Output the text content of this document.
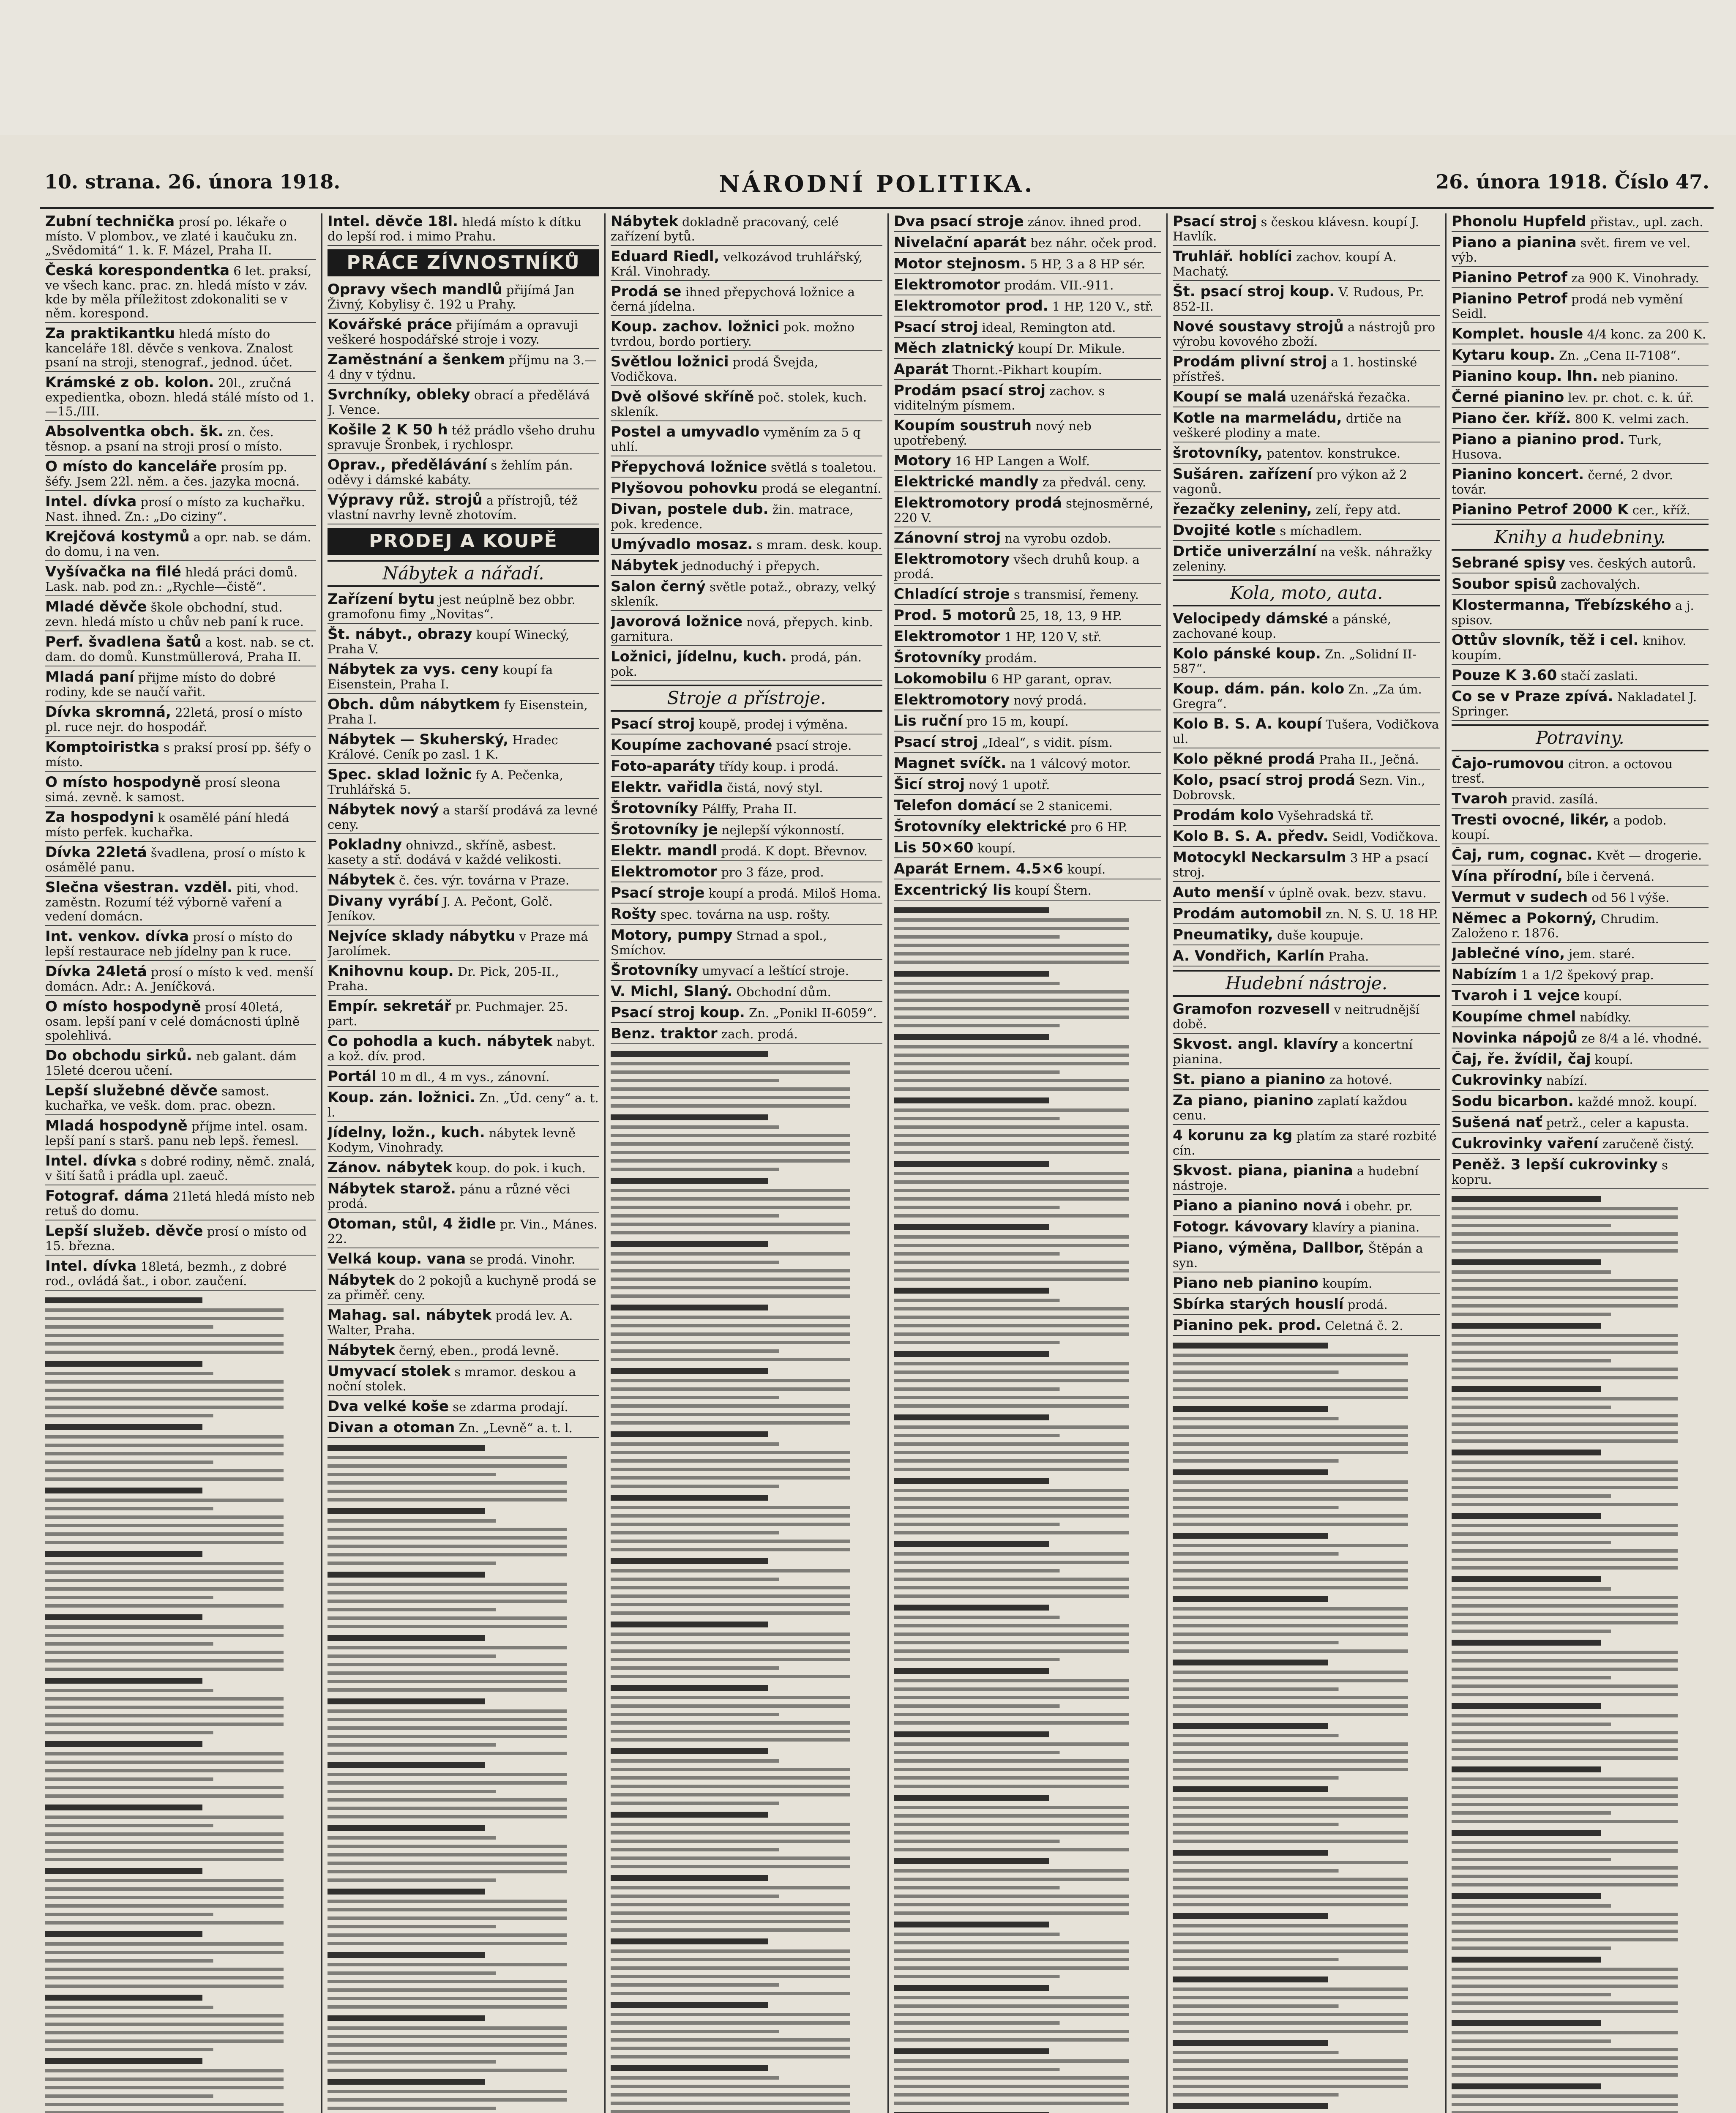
10. strana. 26. února 1918.	NÁRODNÍ POLITIKA.	26. února 1918. Číslo 47.
Zubní technička prosí po. lékaře o místo. V plombov., ve zlaté i kaučuku zn. „Svědomitá“ 1. k. F. Mázel, Praha II.
Česká korespondentka 6 let. praksí, ve všech kanc. prac. zn. hledá místo v záv. kde by měla příležitost zdokonaliti se v něm. korespond.
Za praktikantku hledá místo do kanceláře 18l. děvče s venkova. Znalost psaní na stroji, stenograf., jednod. účet.
Krámské z ob. kolon. 20l., zručná expedientka, obozn. hledá stálé místo od 1.—15./III.
Absolventka obch. šk. zn. čes. těsnop. a psaní na stroji prosí o místo.
O místo do kanceláře prosím pp. šéfy. Jsem 22l. něm. a čes. jazyka mocná.
Intel. dívka prosí o místo za kuchařku. Nast. ihned. Zn.: „Do ciziny“.
Krejčová kostymů a opr. nab. se dám. do domu, i na ven.
Vyšívačka na filé hledá práci domů. Lask. nab. pod zn.: „Rychle—čistě“.
Mladé děvče škole obchodní, stud. zevn. hledá místo u chův neb paní k ruce.
Perf. švadlena šatů a kost. nab. se ct. dam. do domů. Kunstmüllerová, Praha II.
Mladá paní přijme místo do dobré rodiny, kde se naučí vařit.
Dívka skromná, 22letá, prosí o místo pl. ruce nejr. do hospodář.
Komptoiristka s praksí prosí pp. šéfy o místo.
O místo hospodyně prosí sleona simá. zevně. k samost.
Za hospodyni k osamělé pání hledá místo perfek. kuchařka.
Dívka 22letá švadlena, prosí o místo k osámělé panu.
Slečna všestran. vzděl. piti, vhod. zaměstn. Rozumí též výborně vaření a vedení domácn.
Int. venkov. dívka prosí o místo do lepší restaurace neb jídelny pan k ruce.
Dívka 24letá prosí o místo k ved. menší domácn. Adr.: A. Jeníčková.
O místo hospodyně prosí 40letá, osam. lepší paní v celé domácnosti úplně spolehlivá.
Do obchodu sirků. neb galant. dám 15leté dcerou učení.
Lepší služebné děvče samost. kuchařka, ve vešk. dom. prac. obezn.
Mladá hospodyně příjme intel. osam. lepší paní s starš. panu neb lepš. řemesl.
Intel. dívka s dobré rodiny, němč. znalá, v šití šatů i prádla upl. zaeuč.
Fotograf. dáma 21letá hledá místo neb retuš do domu.
Lepší služeb. děvče prosí o místo od 15. března.
Intel. dívka 18letá, bezmh., z dobré rod., ovládá šat., i obor. zaučení.
Intel. děvče 18l. hledá místo k dítku do lepší rod. i mimo Prahu.
PRÁCE ZÍVNOSTNÍKŮ
Opravy všech mandlů přijímá Jan Živný, Kobylisy č. 192 u Prahy.
Kovářské práce přijímám a opravuji veškeré hospodářské stroje i vozy.
Zaměstnání a šenkem příjmu na 3.—4 dny v týdnu.
Svrchníky, obleky obrací a předělává J. Vence.
Košile 2 K 50 h též prádlo všeho druhu spravuje Šronbek, i rychlospr.
Oprav., předělávání s žehlím pán. oděvy i dámské kabáty.
Výpravy růž. strojů a přístrojů, též vlastní navrhy levně zhotovím.
PRODEJ A KOUPĚ
Nábytek a nářadí.
Zařízení bytu jest neúplně bez obbr. gramofonu fimy „Novitas“.
Št. nábyt., obrazy koupí Winecký, Praha V.
Nábytek za vys. ceny koupí fa Eisenstein, Praha I.
Obch. dům nábytkem fy Eisenstein, Praha I.
Nábytek — Skuherský, Hradec Králové. Ceník po zasl. 1 K.
Spec. sklad ložnic fy A. Pečenka, Truhlářská 5.
Nábytek nový a starší prodává za levné ceny.
Pokladny ohnivzd., skříně, asbest. kasety a stř. dodává v každé velikosti.
Nábytek č. čes. výr. továrna v Praze.
Divany vyrábí J. A. Pečont, Golč. Jeníkov.
Nejvíce sklady nábytku v Praze má Jarolímek.
Knihovnu koup. Dr. Pick, 205-II., Praha.
Empír. sekretář pr. Puchmajer. 25. part.
Co pohodla a kuch. nábytek nabyt. a kož. dív. prod.
Portál 10 m dl., 4 m vys., zánovní.
Koup. zán. ložnici. Zn. „Úd. ceny“ a. t. l.
Jídelny, ložn., kuch. nábytek levně Kodym, Vinohrady.
Zánov. nábytek koup. do pok. i kuch.
Nábytek starož. pánu a různé věci prodá.
Otoman, stůl, 4 židle pr. Vin., Mánes. 22.
Velká koup. vana se prodá. Vinohr.
Nábytek do 2 pokojů a kuchyně prodá se za přiměř. ceny.
Mahag. sal. nábytek prodá lev. A. Walter, Praha.
Nábytek černý, eben., prodá levně.
Umyvací stolek s mramor. deskou a noční stolek.
Dva velké koše se zdarma prodají.
Divan a otoman Zn. „Levně“ a. t. l.
Nábytek dokladně pracovaný, celé zařízení bytů.
Eduard Riedl, velkozávod truhlářský, Král. Vinohrady.
Prodá se ihned přepychová ložnice a černá jídelna.
Koup. zachov. ložnici pok. možno tvrdou, bordo portiery.
Světlou ložnici prodá Švejda, Vodičkova.
Dvě olšové skříně poč. stolek, kuch. skleník.
Postel a umyvadlo vyměním za 5 q uhlí.
Přepychová ložnice světlá s toaletou.
Plyšovou pohovku prodá se elegantní.
Divan, postele dub. žin. matrace, pok. kredence.
Umývadlo mosaz. s mram. desk. koup.
Nábytek jednoduchý i přepych.
Salon černý světle potaž., obrazy, velký skleník.
Javorová ložnice nová, přepych. kinb. garnitura.
Ložnici, jídelnu, kuch. prodá, pán. pok.
Stroje a přístroje.
Psací stroj koupě, prodej i výměna.
Koupíme zachované psací stroje.
Foto-aparáty třídy koup. i prodá.
Elektr. vařidla čistá, nový styl.
Šrotovníky Pálffy, Praha II.
Šrotovníky je nejlepší výkonností.
Elektr. mandl prodá. K dopt. Břevnov.
Elektromotor pro 3 fáze, prod.
Psací stroje koupí a prodá. Miloš Homa.
Rošty spec. továrna na usp. rošty.
Motory, pumpy Strnad a spol., Smíchov.
Šrotovníky umyvací a leštící stroje.
V. Michl, Slaný. Obchodní dům.
Psací stroj koup. Zn. „Ponikl II-6059“.
Benz. traktor zach. prodá.
Dva psací stroje zánov. ihned prod.
Nivelační aparát bez náhr. oček prod.
Motor stejnosm. 5 HP, 3 a 8 HP sér.
Elektromotor prodám. VII.-911.
Elektromotor prod. 1 HP, 120 V., stř.
Psací stroj ideal, Remington atd.
Měch zlatnický koupí Dr. Mikule.
Aparát Thornt.-Pikhart koupím.
Prodám psací stroj zachov. s viditelným písmem.
Koupím soustruh nový neb upotřebený.
Motory 16 HP Langen a Wolf.
Elektrické mandly za předvál. ceny.
Elektromotory prodá stejnosměrné, 220 V.
Zánovní stroj na vyrobu ozdob.
Elektromotory všech druhů koup. a prodá.
Chladící stroje s transmisí, řemeny.
Prod. 5 motorů 25, 18, 13, 9 HP.
Elektromotor 1 HP, 120 V, stř.
Šrotovníky prodám.
Lokomobilu 6 HP garant, oprav.
Elektromotory nový prodá.
Lis ruční pro 15 m, koupí.
Psací stroj „Ideal“, s vidit. písm.
Magnet svíčk. na 1 válcový motor.
Šicí stroj nový 1 upotř.
Telefon domácí se 2 stanicemi.
Šrotovníky elektrické pro 6 HP.
Lis 50×60 koupí.
Aparát Ernem. 4.5×6 koupí.
Excentrický lis koupí Štern.
Psací stroj s českou klávesn. koupí J. Havlík.
Truhlář. hoblíci zachov. koupí A. Machatý.
Št. psací stroj koup. V. Rudous, Pr. 852-II.
Nové soustavy strojů a nástrojů pro výrobu kovového zboží.
Prodám plivní stroj a 1. hostinské přístřeš.
Koupí se malá uzenářská řezačka.
Kotle na marmeládu, drtiče na veškeré plodiny a mate.
šrotovníky, patentov. konstrukce.
Sušáren. zařízení pro výkon až 2 vagonů.
řezačky zeleniny, zelí, řepy atd.
Dvojité kotle s míchadlem.
Drtiče univerzální na vešk. náhražky zeleniny.
Kola, moto, auta.
Velocipedy dámské a pánské, zachované koup.
Kolo pánské koup. Zn. „Solidní II-587“.
Koup. dám. pán. kolo Zn. „Za úm. Gregra“.
Kolo B. S. A. koupí Tušera, Vodičkova ul.
Kolo pěkné prodá Praha II., Ječná.
Kolo, psací stroj prodá Sezn. Vin., Dobrovsk.
Prodám kolo Vyšehradská tř.
Kolo B. S. A. předv. Seidl, Vodičkova.
Motocykl Neckarsulm 3 HP a psací stroj.
Auto menší v úplně ovak. bezv. stavu.
Prodám automobil zn. N. S. U. 18 HP.
Pneumatiky, duše koupuje.
A. Vondřich, Karlín Praha.
Hudební nástroje.
Gramofon rozvesell v neitrudnější době.
Skvost. angl. klavíry a koncertní pianina.
St. piano a pianino za hotové.
Za piano, pianino zaplatí každou cenu.
4 korunu za kg platím za staré rozbité cín.
Skvost. piana, pianina a hudební nástroje.
Piano a pianino nová i obehr. pr.
Fotogr. kávovary klavíry a pianina.
Piano, výměna, Dallbor, Štěpán a syn.
Piano neb pianino koupím.
Sbírka starých houslí prodá.
Pianino pek. prod. Celetná č. 2.
Phonolu Hupfeld přistav., upl. zach.
Piano a pianina svět. firem ve vel. výb.
Pianino Petrof za 900 K. Vinohrady.
Pianino Petrof prodá neb vymění Seidl.
Komplet. housle 4/4 konc. za 200 K.
Kytaru koup. Zn. „Cena II-7108“.
Pianino koup. lhn. neb pianino.
Černé pianino lev. pr. chot. c. k. úř.
Piano čer. kříž. 800 K. velmi zach.
Piano a pianino prod. Turk, Husova.
Pianino koncert. černé, 2 dvor. továr.
Pianino Petrof 2000 K cer., kříž.
Knihy a hudebniny.
Sebrané spisy ves. českých autorů.
Soubor spisů zachovalých.
Klostermanna, Třebízského a j. spisov.
Ottův slovník, těž i cel. knihov. koupím.
Pouze K 3.60 stačí zaslati.
Co se v Praze zpívá. Nakladatel J. Springer.
Potraviny.
Čajo-rumovou citron. a octovou tresť.
Tvaroh pravid. zasílá.
Tresti ovocné, likér, a podob. koupí.
Čaj, rum, cognac. Květ — drogerie.
Vína přírodní, bíle i červená.
Vermut v sudech od 56 l výše.
Němec a Pokorný, Chrudim. Založeno r. 1876.
Jablečné víno, jem. staré.
Nabízím 1 a 1/2 špekový prap.
Tvaroh i 1 vejce koupí.
Koupíme chmel nabídky.
Novinka nápojů ze 8/4 a lé. vhodné.
Čaj, ře. žvídil, čaj koupí.
Cukrovinky nabízí.
Sodu bicarbon. každé množ. koupí.
Sušená nať petrž., celer a kapusta.
Cukrovinky vaření zaručeně čistý.
Peněž. 3 lepší cukrovinky s kopru.
